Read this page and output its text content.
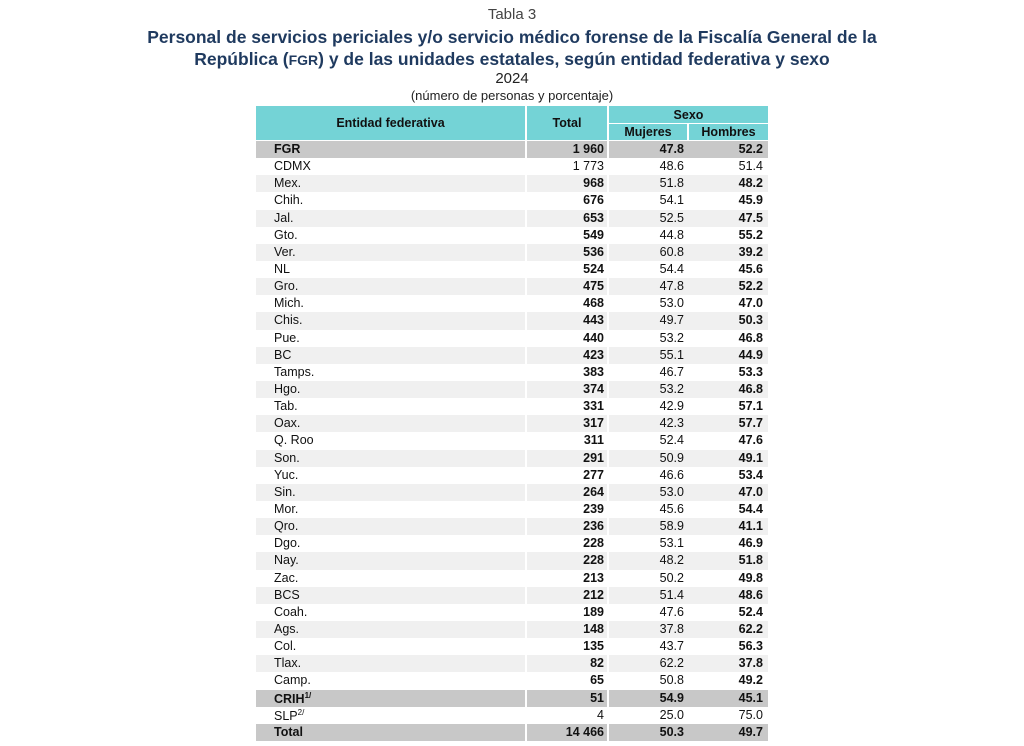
Tabla 3
Personal de servicios periciales y/o servicio médico forense de la Fiscalía General de la República (FGR) y de las unidades estatales, según entidad federativa y sexo
2024
(número de personas y porcentaje)
Entidad federativa	Total
Sexo
Mujeres	Hombres
FGR	1 960	47.8	52.2
CDMX	1 773	48.6	51.4
Mex.	968	51.8	48.2
Chih.	676	54.1	45.9
Jal.	653	52.5	47.5
Gto.	549	44.8	55.2
Ver.	536	60.8	39.2
NL	524	54.4	45.6
Gro.	475	47.8	52.2
Mich.	468	53.0	47.0
Chis.	443	49.7	50.3
Pue.	440	53.2	46.8
BC	423	55.1	44.9
Tamps.	383	46.7	53.3
Hgo.	374	53.2	46.8
Tab.	331	42.9	57.1
Oax.	317	42.3	57.7
Q. Roo	311	52.4	47.6
Son.	291	50.9	49.1
Yuc.	277	46.6	53.4
Sin.	264	53.0	47.0
Mor.	239	45.6	54.4
Qro.	236	58.9	41.1
Dgo.	228	53.1	46.9
Nay.	228	48.2	51.8
Zac.	213	50.2	49.8
BCS	212	51.4	48.6
Coah.	189	47.6	52.4
Ags.	148	37.8	62.2
Col.	135	43.7	56.3
Tlax.	82	62.2	37.8
Camp.	65	50.8	49.2
$CRIH^{1/}$	51	54.9	45.1
$SLP^{2/}$	4	25.0	75.0
Total	14 466	50.3	49.7
